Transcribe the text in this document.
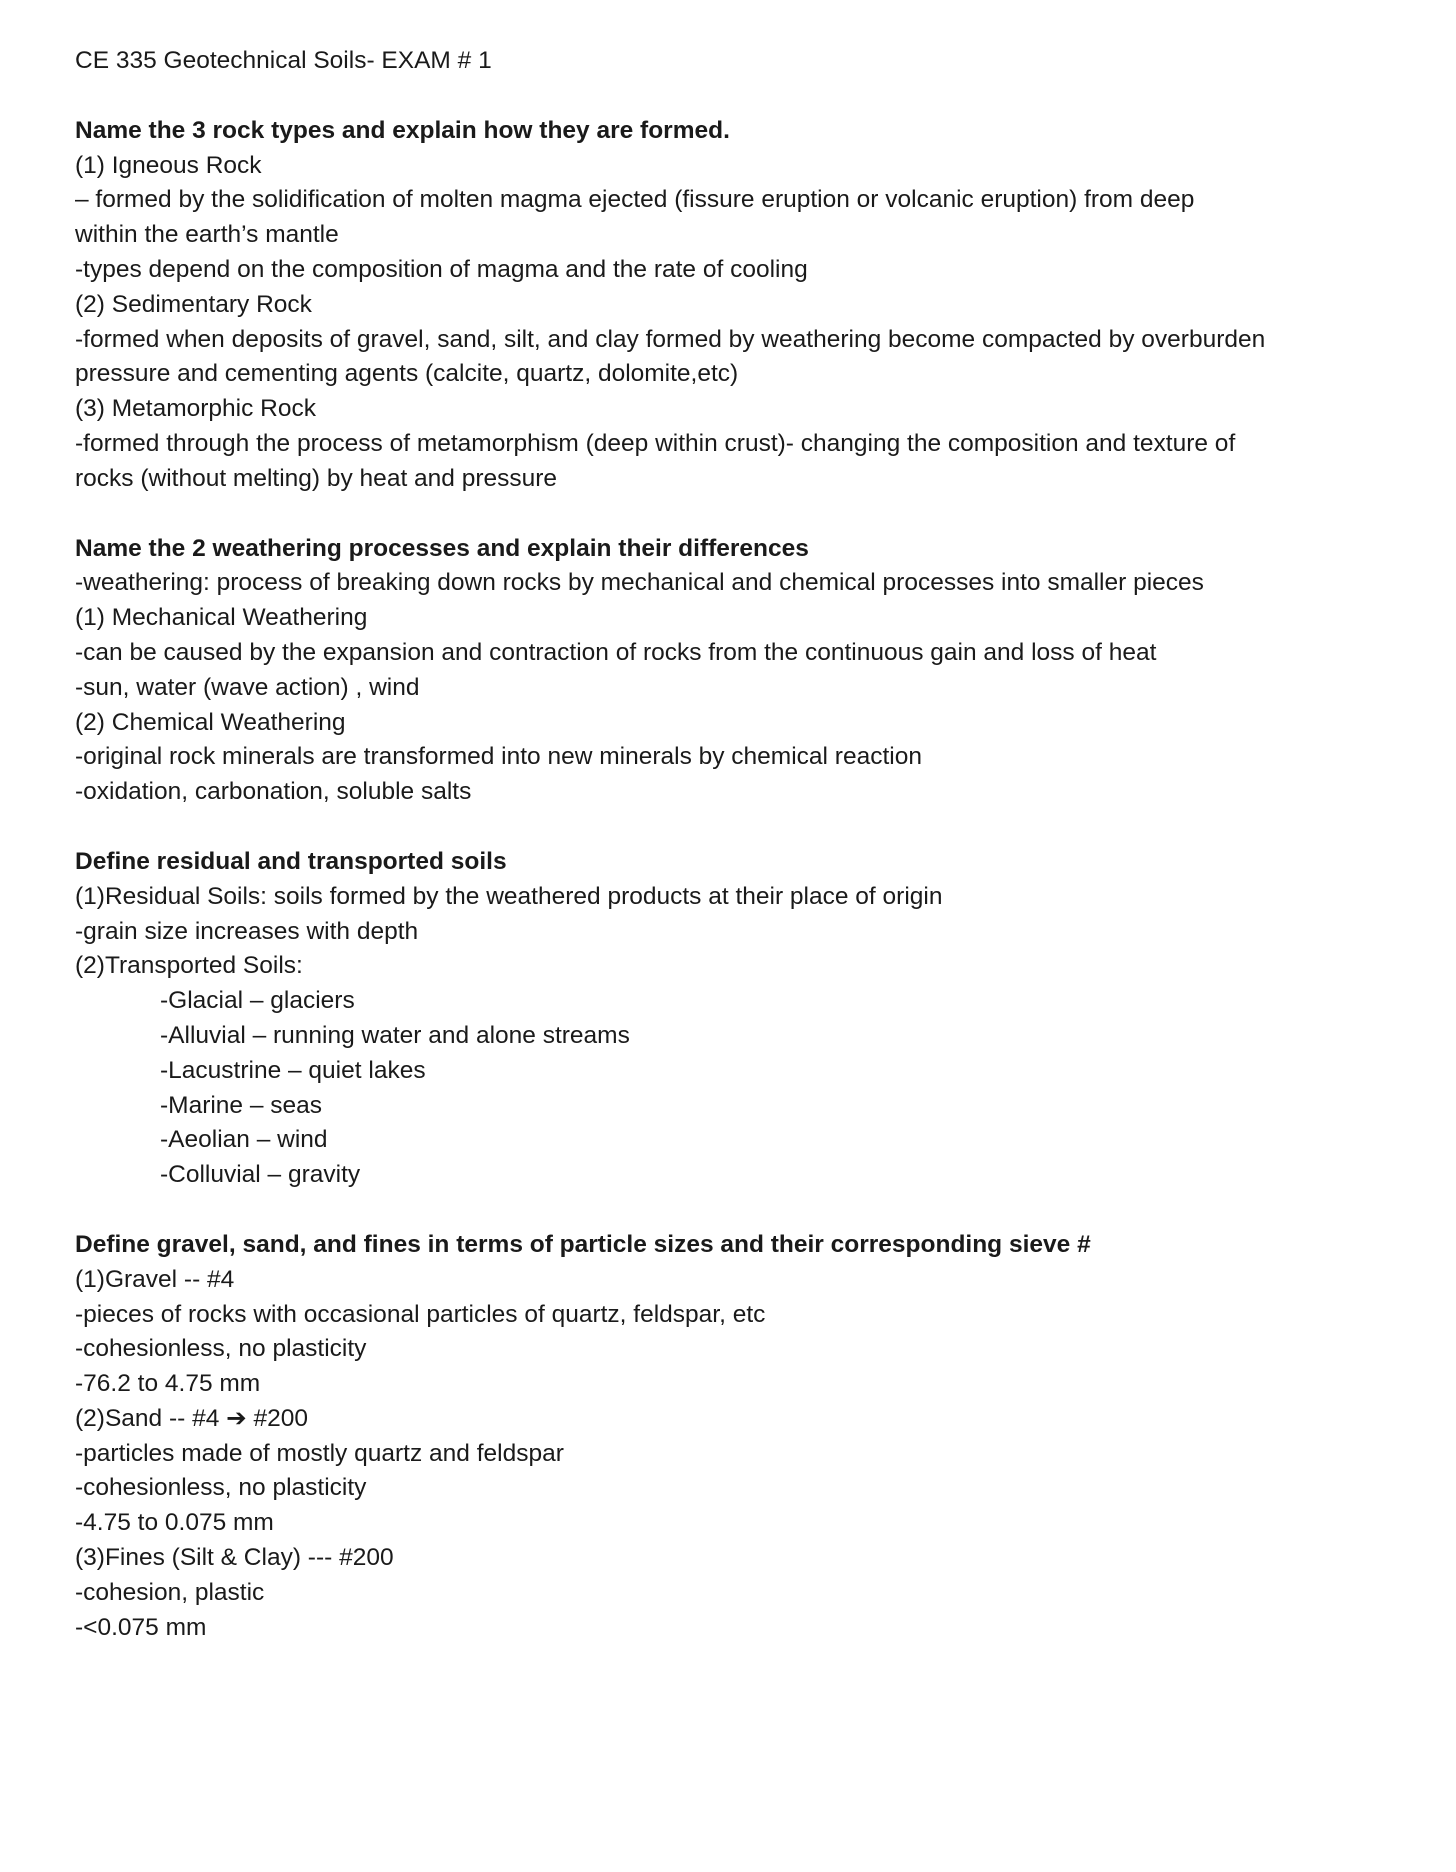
CE 335 Geotechnical Soils- EXAM # 1

Name the 3 rock types and explain how they are formed.

(1) Igneous Rock

– formed by the solidification of molten magma ejected (fissure eruption or volcanic eruption) from deep

within the earth’s mantle

-types depend on the composition of magma and the rate of cooling

(2) Sedimentary Rock

-formed when deposits of gravel, sand, silt, and clay formed by weathering become compacted by overburden

pressure and cementing agents (calcite, quartz, dolomite,etc)

(3) Metamorphic Rock

-formed through the process of metamorphism (deep within crust)- changing the composition and texture of

rocks (without melting) by heat and pressure

Name the 2 weathering processes and explain their differences

-weathering: process of breaking down rocks by mechanical and chemical processes into smaller pieces

(1) Mechanical Weathering

-can be caused by the expansion and contraction of rocks from the continuous gain and loss of heat

-sun, water (wave action) , wind

(2) Chemical Weathering

-original rock minerals are transformed into new minerals by chemical reaction

-oxidation, carbonation, soluble salts

Define residual and transported soils

(1)Residual Soils: soils formed by the weathered products at their place of origin

-grain size increases with depth

(2)Transported Soils:

-Glacial – glaciers

-Alluvial – running water and alone streams

-Lacustrine – quiet lakes

-Marine – seas

-Aeolian – wind

-Colluvial – gravity

Define gravel, sand, and fines in terms of particle sizes and their corresponding sieve #

(1)Gravel -- #4

-pieces of rocks with occasional particles of quartz, feldspar, etc

-cohesionless, no plasticity

-76.2 to 4.75 mm

(2)Sand -- #4 ➔ #200

-particles made of mostly quartz and feldspar

-cohesionless, no plasticity

-4.75 to 0.075 mm

(3)Fines (Silt & Clay) --- #200

-cohesion, plastic

-<0.075 mm
